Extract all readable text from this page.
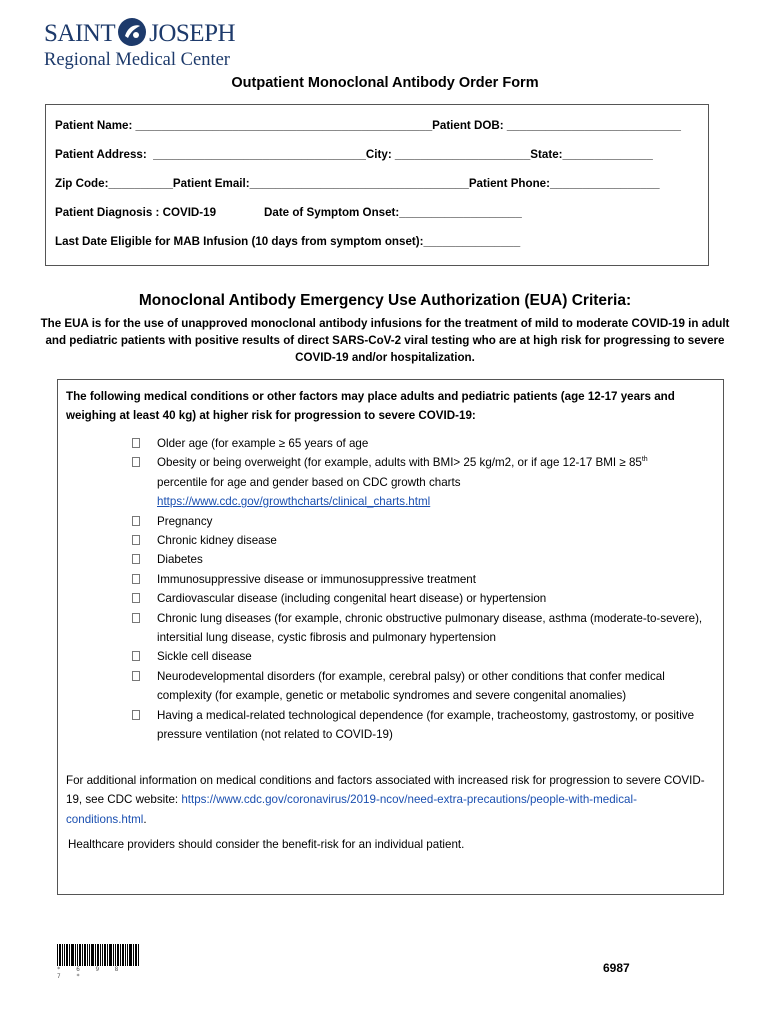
SAINT JOSEPH
Regional Medical Center
Outpatient Monoclonal Antibody Order Form
Patient Name: ______________________________________________Patient DOB: ___________________________
Patient Address:  _________________________________City: _____________________State:______________
Zip Code:__________Patient Email:__________________________________Patient Phone:_________________
Patient Diagnosis : COVID-19	Date of Symptom Onset:___________________
Last Date Eligible for MAB Infusion (10 days from symptom onset):_______________
Monoclonal Antibody Emergency Use Authorization (EUA) Criteria:
The EUA is for the use of unapproved monoclonal antibody infusions for the treatment of mild to moderate COVID-19 in adult and pediatric patients with positive results of direct SARS-CoV-2 viral testing who are at high risk for progressing to severe COVID-19 and/or hospitalization.
The following medical conditions or other factors may place adults and pediatric patients (age 12-17 years and weighing at least 40 kg) at higher risk for progression to severe COVID-19:
Older age (for example ≥ 65 years of age
Obesity or being overweight (for example, adults with BMI> 25 kg/m2, or if age 12-17 BMI ≥ 85th
percentile for age and gender based on CDC growth charts
https://www.cdc.gov/growthcharts/clinical_charts.html
Pregnancy
Chronic kidney disease
Diabetes
Immunosuppressive disease or immunosuppressive treatment
Cardiovascular disease (including congenital heart disease) or hypertension
Chronic lung diseases (for example, chronic obstructive pulmonary disease, asthma (moderate-to-severe), intersitial lung disease, cystic fibrosis and pulmonary hypertension
Sickle cell disease
Neurodevelopmental disorders (for example, cerebral palsy) or other conditions that confer medical complexity (for example, genetic or metabolic syndromes and severe congenital anomalies)
Having a medical-related technological dependence (for example, tracheostomy, gastrostomy, or positive pressure ventilation (not related to COVID-19)
For additional information on medical conditions and factors associated with increased risk for progression to severe COVID-19, see CDC website: https://www.cdc.gov/coronavirus/2019-ncov/need-extra-precautions/people-with-medical-conditions.html.
Healthcare providers should consider the benefit-risk for an individual patient.
* 6 9 8 7 *
6987
